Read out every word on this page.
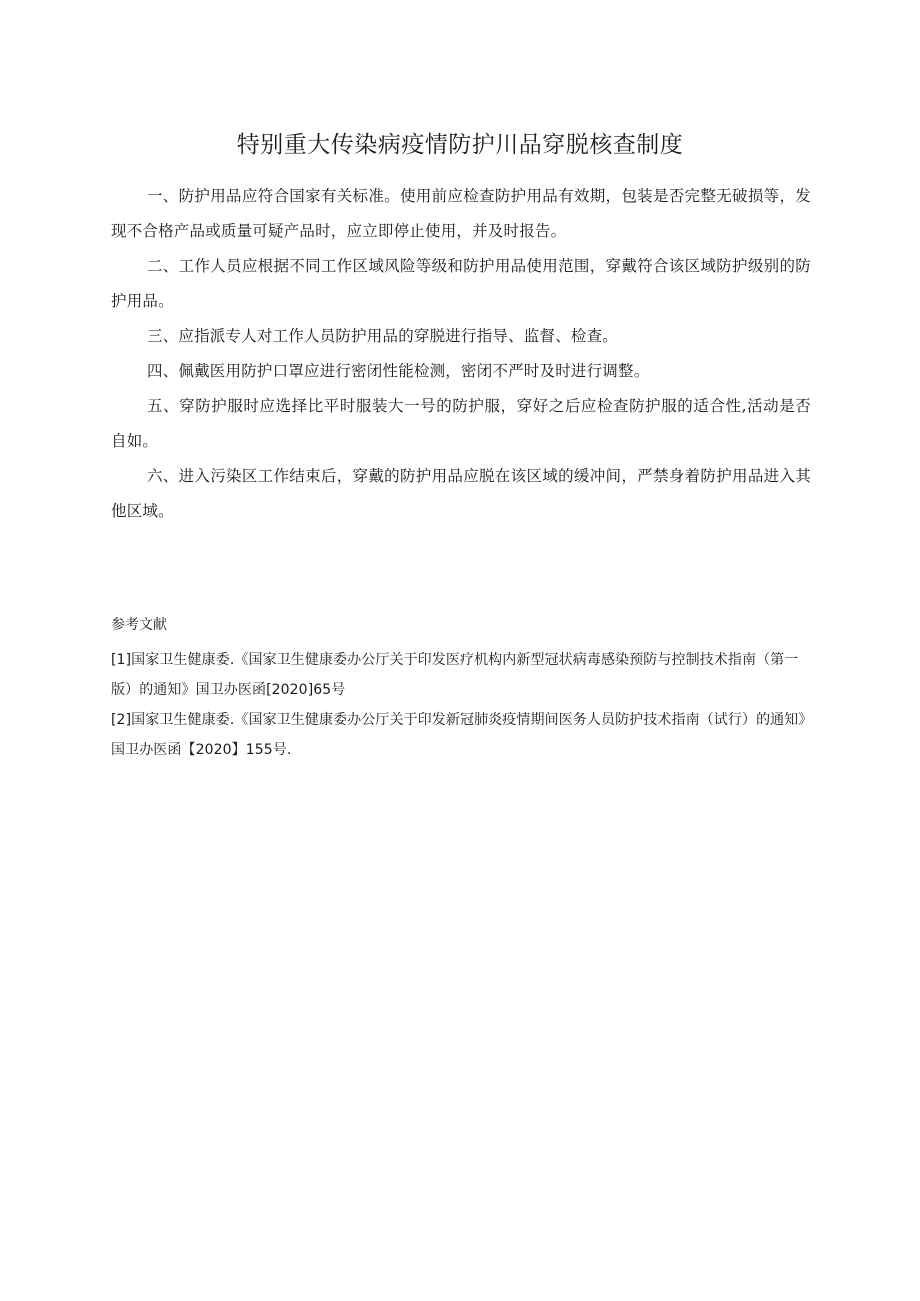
特别重大传染病疫情防护川品穿脱核查制度

一、防护用品应符合国家有关标准。使用前应检查防护用品有效期，包装是否完整无破损等，发现不合格产品或质量可疑产品时，应立即停止使用，并及时报告。

二、工作人员应根据不同工作区域风险等级和防护用品使用范围，穿戴符合该区域防护级别的防护用品。

三、应指派专人对工作人员防护用品的穿脱进行指导、监督、检查。

四、佩戴医用防护口罩应进行密闭性能检测，密闭不严时及时进行调整。

五、穿防护服时应选择比平时服装大一号的防护服，穿好之后应检查防护服的适合性,活动是否自如。

六、进入污染区工作结束后，穿戴的防护用品应脱在该区域的缓冲间，严禁身着防护用品进入其他区域。

参考文献

[1]国家卫生健康委.《国家卫生健康委办公厅关于印发医疗机构内新型冠状病毒感染预防与控制技术指南（第一版）的通知》国卫办医函[2020]65号

[2]国家卫生健康委.《国家卫生健康委办公厅关于印发新冠肺炎疫情期间医务人员防护技术指南（试行）的通知》国卫办医函【2020】155号.
